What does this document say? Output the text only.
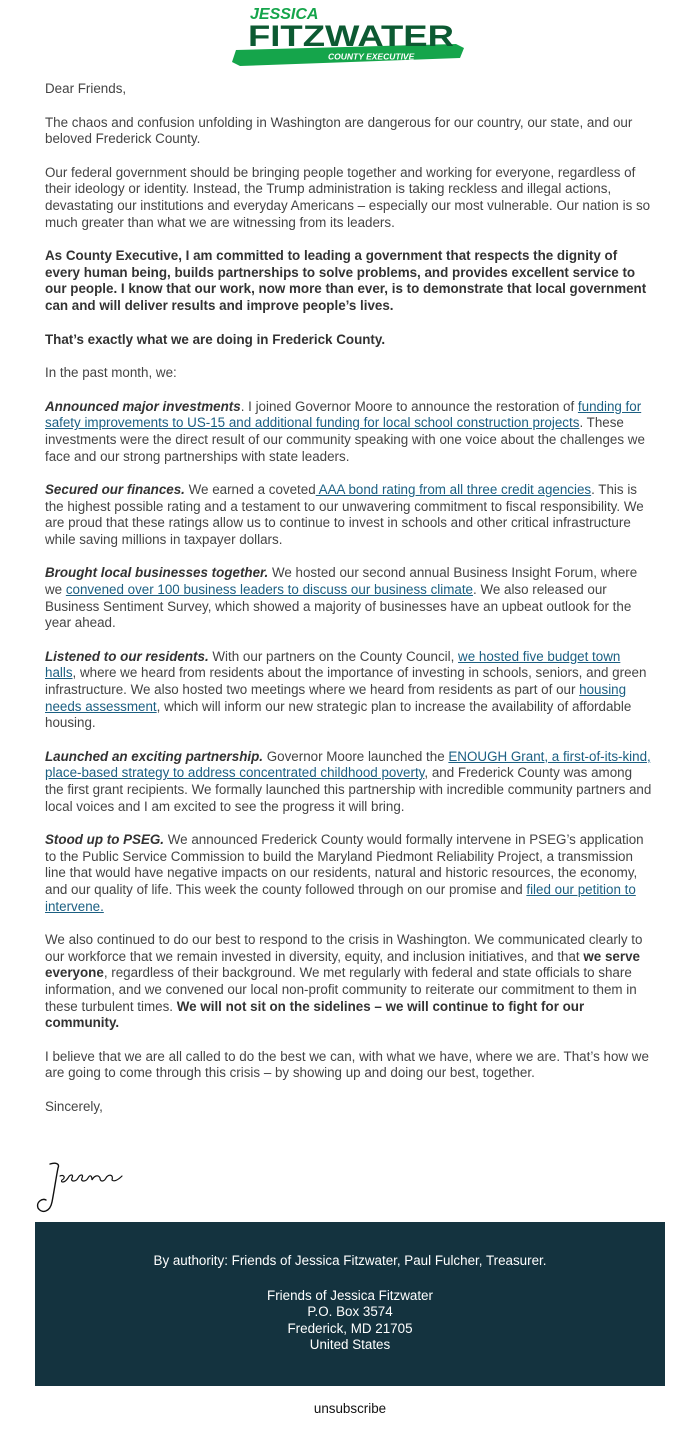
JESSICA
FITZWATER
COUNTY EXECUTIVE

Dear Friends,

The chaos and confusion unfolding in Washington are dangerous for our country, our state, and our beloved Frederick County.

Our federal government should be bringing people together and working for everyone, regardless of their ideology or identity. Instead, the Trump administration is taking reckless and illegal actions, devastating our institutions and everyday Americans – especially our most vulnerable. Our nation is so much greater than what we are witnessing from its leaders.

As County Executive, I am committed to leading a government that respects the dignity of every human being, builds partnerships to solve problems, and provides excellent service to our people. I know that our work, now more than ever, is to demonstrate that local government can and will deliver results and improve people’s lives.

That’s exactly what we are doing in Frederick County.

In the past month, we:

Announced major investments. I joined Governor Moore to announce the restoration of funding for safety improvements to US-15 and additional funding for local school construction projects. These investments were the direct result of our community speaking with one voice about the challenges we face and our strong partnerships with state leaders.

Secured our finances. We earned a coveted AAA bond rating from all three credit agencies. This is the highest possible rating and a testament to our unwavering commitment to fiscal responsibility. We are proud that these ratings allow us to continue to invest in schools and other critical infrastructure while saving millions in taxpayer dollars.

Brought local businesses together. We hosted our second annual Business Insight Forum, where we convened over 100 business leaders to discuss our business climate. We also released our Business Sentiment Survey, which showed a majority of businesses have an upbeat outlook for the year ahead.

Listened to our residents. With our partners on the County Council, we hosted five budget town halls, where we heard from residents about the importance of investing in schools, seniors, and green infrastructure. We also hosted two meetings where we heard from residents as part of our housing needs assessment, which will inform our new strategic plan to increase the availability of affordable housing.

Launched an exciting partnership. Governor Moore launched the ENOUGH Grant, a first-of-its-kind, place-based strategy to address concentrated childhood poverty, and Frederick County was among the first grant recipients. We formally launched this partnership with incredible community partners and local voices and I am excited to see the progress it will bring.

Stood up to PSEG. We announced Frederick County would formally intervene in PSEG’s application to the Public Service Commission to build the Maryland Piedmont Reliability Project, a transmission line that would have negative impacts on our residents, natural and historic resources, the economy, and our quality of life. This week the county followed through on our promise and filed our petition to intervene.

We also continued to do our best to respond to the crisis in Washington. We communicated clearly to our workforce that we remain invested in diversity, equity, and inclusion initiatives, and that we serve everyone, regardless of their background. We met regularly with federal and state officials to share information, and we convened our local non-profit community to reiterate our commitment to them in these turbulent times. We will not sit on the sidelines – we will continue to fight for our community.

I believe that we are all called to do the best we can, with what we have, where we are. That’s how we are going to come through this crisis – by showing up and doing our best, together.

Sincerely,

By authority: Friends of Jessica Fitzwater, Paul Fulcher, Treasurer.
Friends of Jessica Fitzwater
P.O. Box 3574
Frederick, MD 21705
United States
unsubscribe
